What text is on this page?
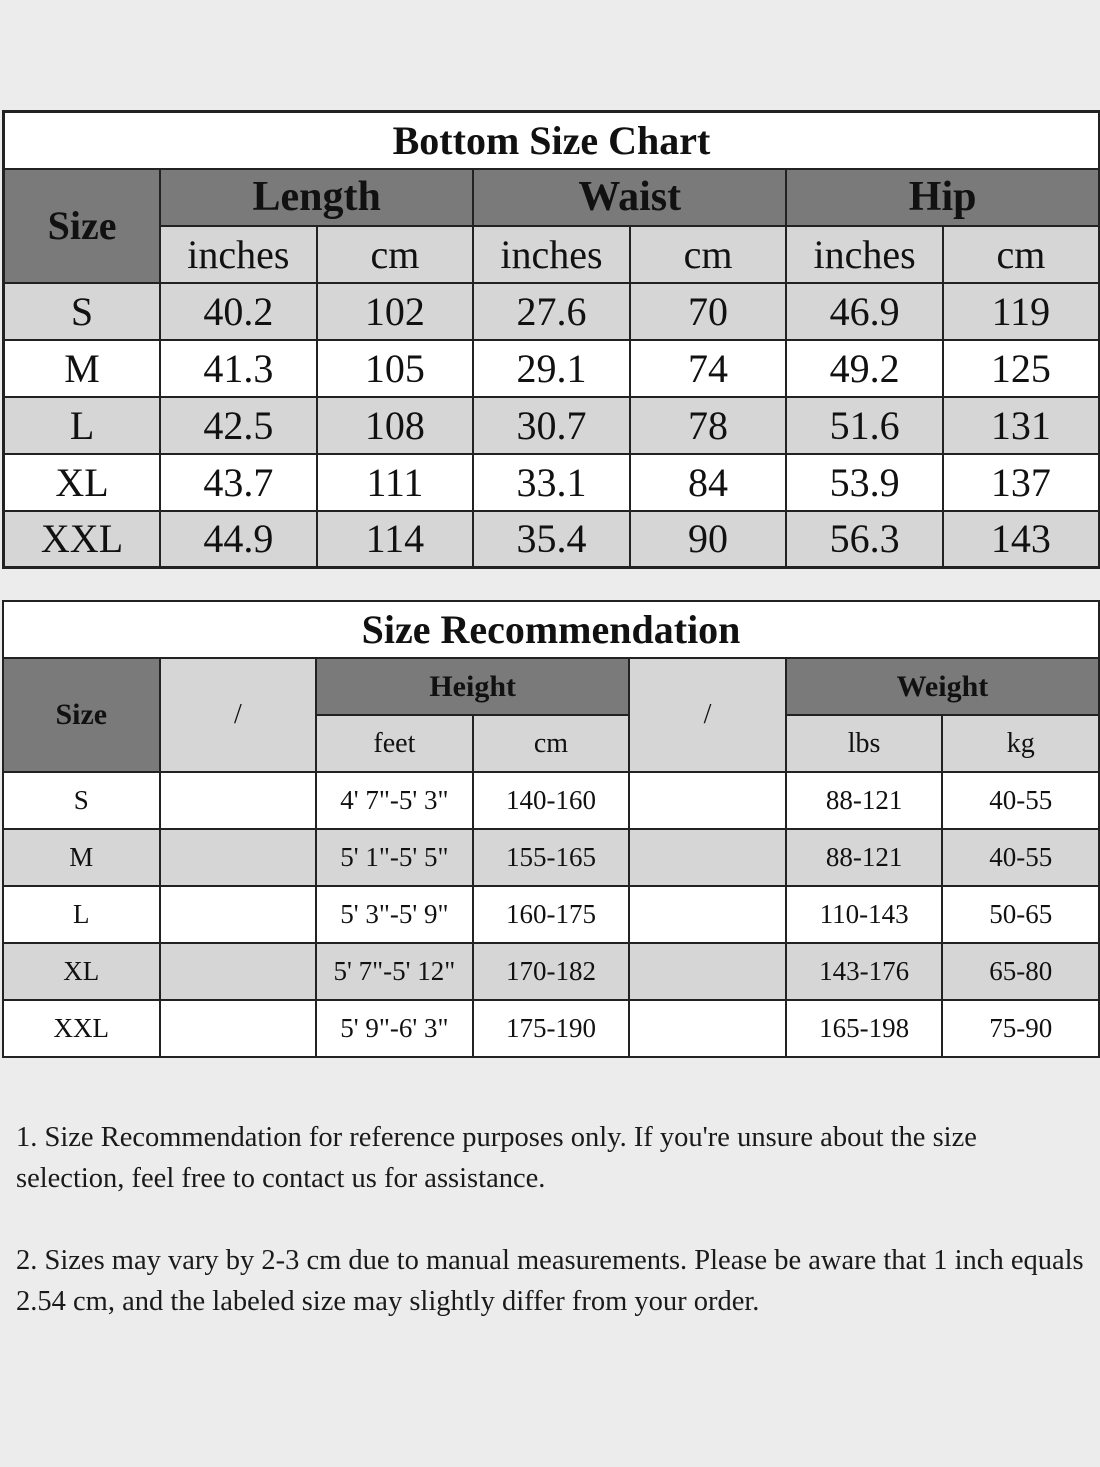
Bottom Size Chart						
Size	Length		Waist		Hip	
	inches	cm	inches	cm	inches	cm
S	40.2	102	27.6	70	46.9	119
M	41.3	105	29.1	74	49.2	125
L	42.5	108	30.7	78	51.6	131
XL	43.7	111	33.1	84	53.9	137
XXL	44.9	114	35.4	90	56.3	143
Size Recommendation						
Size	/	Height		/	Weight	
		feet	cm		lbs	kg
S		4' 7"-5' 3"	140-160		88-121	40-55
M		5' 1"-5' 5"	155-165		88-121	40-55
L		5' 3"-5' 9"	160-175		110-143	50-65
XL		5' 7"-5' 12"	170-182		143-176	65-80
XXL		5' 9"-6' 3"	175-190		165-198	75-90
1. Size Recommendation for reference purposes only. If you're unsure about the size selection, feel free to contact us for assistance.
2. Sizes may vary by 2-3 cm due to manual measurements. Please be aware that 1 inch equals 2.54 cm, and the labeled size may slightly differ from your order.
